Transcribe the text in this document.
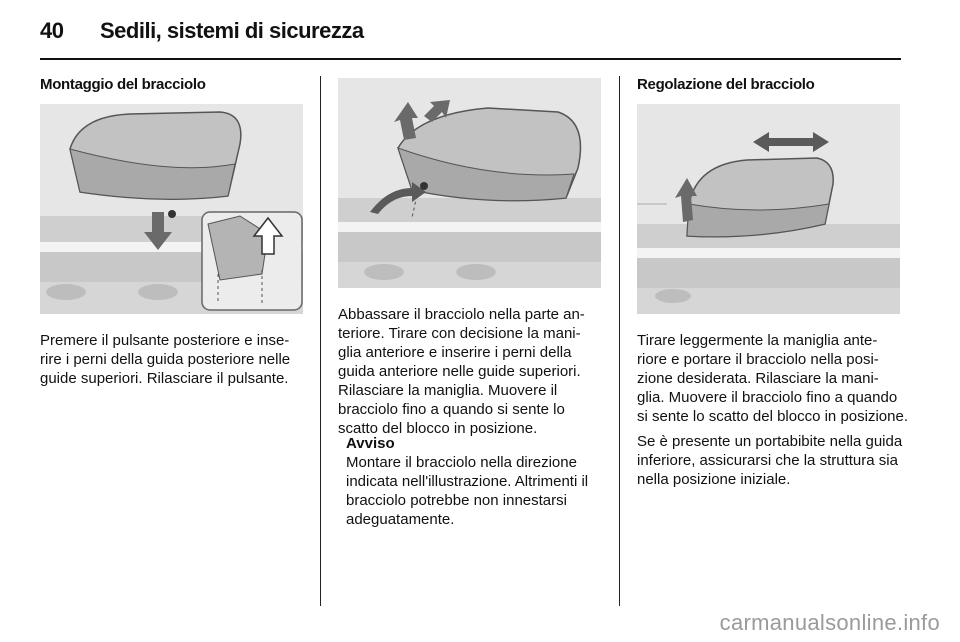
40 Sedili, sistemi di sicurezza
Montaggio del bracciolo

Premere il pulsante posteriore e inse- rire i perni della guida posteriore nelle guide superiori. Rilasciare il pulsante.

Abbassare il bracciolo nella parte an- teriore. Tirare con decisione la mani- glia anteriore e inserire i perni della guida anteriore nelle guide superiori. Rilasciare la maniglia. Muovere il bracciolo fino a quando si sente lo scatto del blocco in posizione.

Avviso
Montare il bracciolo nella direzione indicata nell'illustrazione. Altrimenti il bracciolo potrebbe non innestarsi adeguatamente.
Regolazione del bracciolo

Tirare leggermente la maniglia ante- riore e portare il bracciolo nella posi- zione desiderata. Rilasciare la mani- glia. Muovere il bracciolo fino a quando si sente lo scatto del blocco in posizione.

Se è presente un portabibite nella guida inferiore, assicurarsi che la struttura sia nella posizione iniziale.

carmanualsonline.info
